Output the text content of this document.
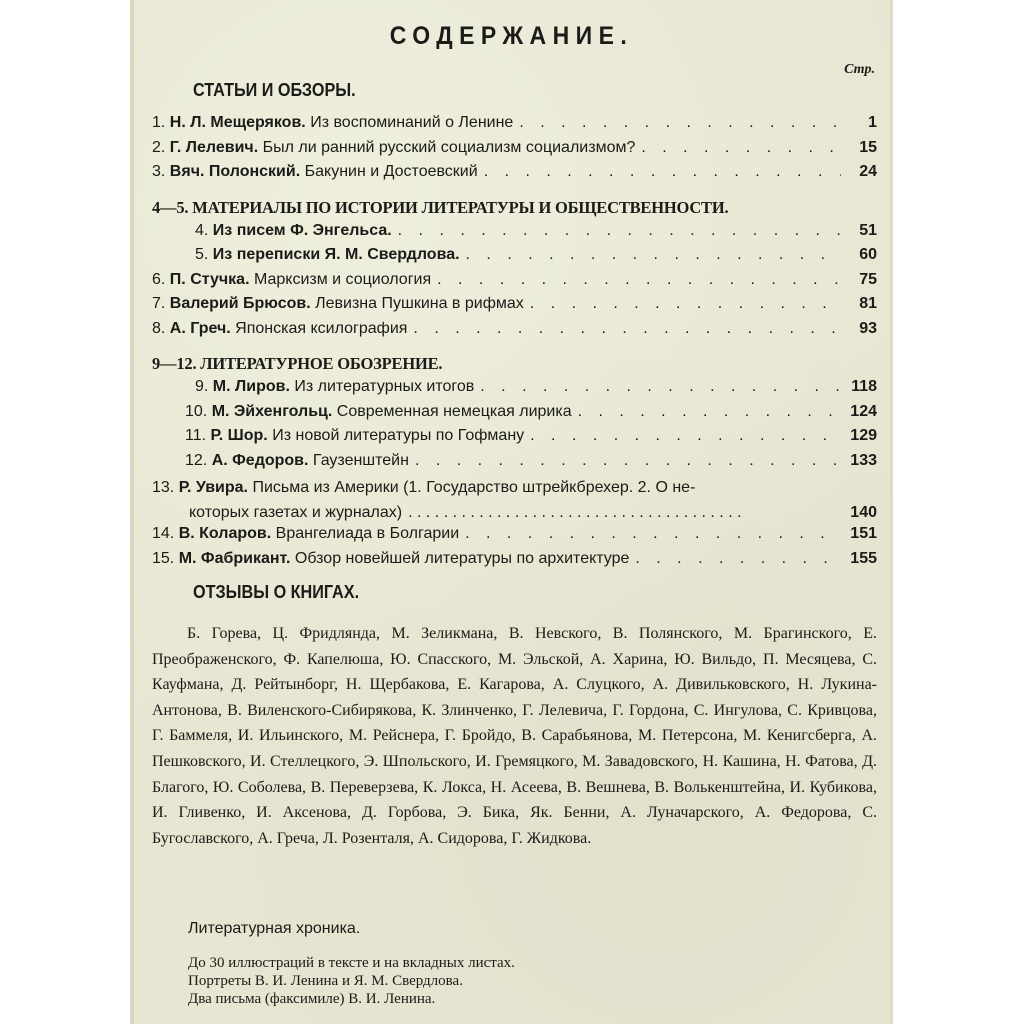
СОДЕРЖАНИЕ.
Стр.
СТАТЬИ И ОБЗОРЫ.
1. Н. Л. Мещеряков. Из воспоминаний о Ленине . . .	1
2. Г. Лелевич. Был ли ранний русский социализм социализмом? . . .	15
3. Вяч. Полонский. Бакунин и Достоевский . . .	24
4—5. МАТЕРИАЛЫ ПО ИСТОРИИ ЛИТЕРАТУРЫ И ОБЩЕСТВЕННОСТИ.
4. Из писем Ф. Энгельса. . . .	51
5. Из переписки Я. М. Свердлова. . . .	60
6. П. Стучка. Марксизм и социология . . .	75
7. Валерий Брюсов. Левизна Пушкина в рифмах . . .	81
8. А. Греч. Японская ксилография . . .	93
9—12. ЛИТЕРАТУРНОЕ ОБОЗРЕНИЕ.
9. М. Лиров. Из литературных итогов . . .	118
10. М. Эйхенгольц. Современная немецкая лирика . . .	124
11. Р. Шор. Из новой литературы по Гофману . . .	129
12. А. Федоров. Гаузенштейн . . .	133
13. Р. Увира. Письма из Америки (1. Государство штрейкбрехер. 2. О не-
которых газетах и журналах) . . . . . . . . . . . . . . . . . . . . . . . . . . . . . . . . . . . . . .	140
14. В. Коларов. Врангелиада в Болгарии . . .	151
15. М. Фабрикант. Обзор новейшей литературы по архитектуре . . .	155
ОТЗЫВЫ О КНИГАХ.
Б. Горева, Ц. Фридлянда, М. Зеликмана, В. Невского, В. Полянского, М. Брагинского, Е. Преображенского, Ф. Капелюша, Ю. Спасского, М. Эльской, А. Харина, Ю. Вильдо, П. Месяцева, С. Кауфмана, Д. Рейтынборг, Н. Щербакова, Е. Кагарова, А. Слуцкого, А. Дивильковского, Н. Лукина-Антонова, В. Виленского-Сибирякова, К. Злинченко, Г. Лелевича, Г. Гордона, С. Ингулова, С. Кривцова, Г. Баммеля, И. Ильинского, М. Рейснера, Г. Бройдо, В. Сарабьянова, М. Петерсона, М. Кенигсберга, А. Пешковского, И. Стеллецкого, Э. Шпольского, И. Гремяцкого, М. Завадовского, Н. Кашина, Н. Фатова, Д. Благого, Ю. Соболева, В. Переверзева, К. Локса, Н. Асеева, В. Вешнева, В. Волькенштейна, И. Кубикова, И. Гливенко, И. Аксенова, Д. Горбова, Э. Бика, Як. Бенни, А. Луначарского, А. Федорова, С. Бугославского, А. Греча, Л. Розенталя, А. Сидорова, Г. Жидкова.
Литературная хроника.
До 30 иллюстраций в тексте и на вкладных листах.
Портреты В. И. Ленина и Я. М. Свердлова.
Два письма (факсимиле) В. И. Ленина.
